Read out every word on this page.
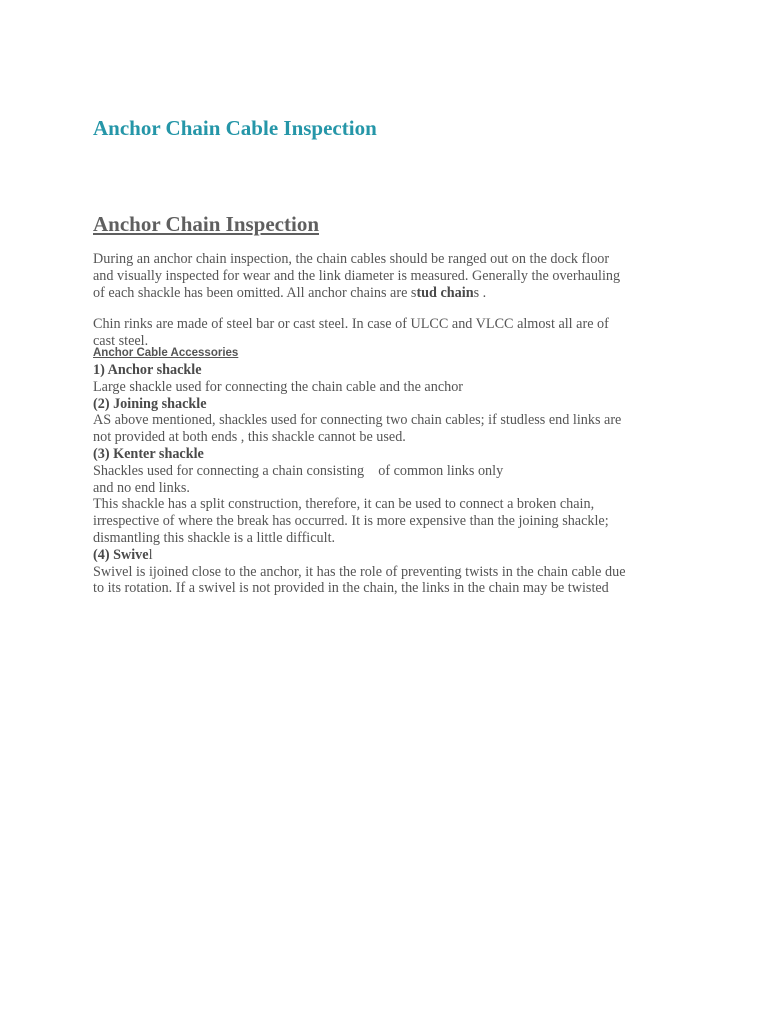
Anchor Chain Cable Inspection
Anchor Chain Inspection
During an anchor chain inspection, the chain cables should be ranged out on the dock floor
and visually inspected for wear and the link diameter is measured. Generally the overhauling
of each shackle has been omitted. All anchor chains are stud chains .
Chin rinks are made of steel bar or cast steel. In case of ULCC and VLCC almost all are of
cast steel.
Anchor Cable Accessories
1) Anchor shackle
Large shackle used for connecting the chain cable and the anchor
(2) Joining shackle
AS above mentioned, shackles used for connecting two chain cables; if studless end links are
not provided at both ends , this shackle cannot be used.
(3) Kenter shackle
Shackles used for connecting a chain consisting    of common links only
and no end links.
This shackle has a split construction, therefore, it can be used to connect a broken chain,
irrespective of where the break has occurred. It is more expensive than the joining shackle;
dismantling this shackle is a little difficult.
(4) Swivel
Swivel is ijoined close to the anchor, it has the role of preventing twists in the chain cable due
to its rotation. If a swivel is not provided in the chain, the links in the chain may be twisted
